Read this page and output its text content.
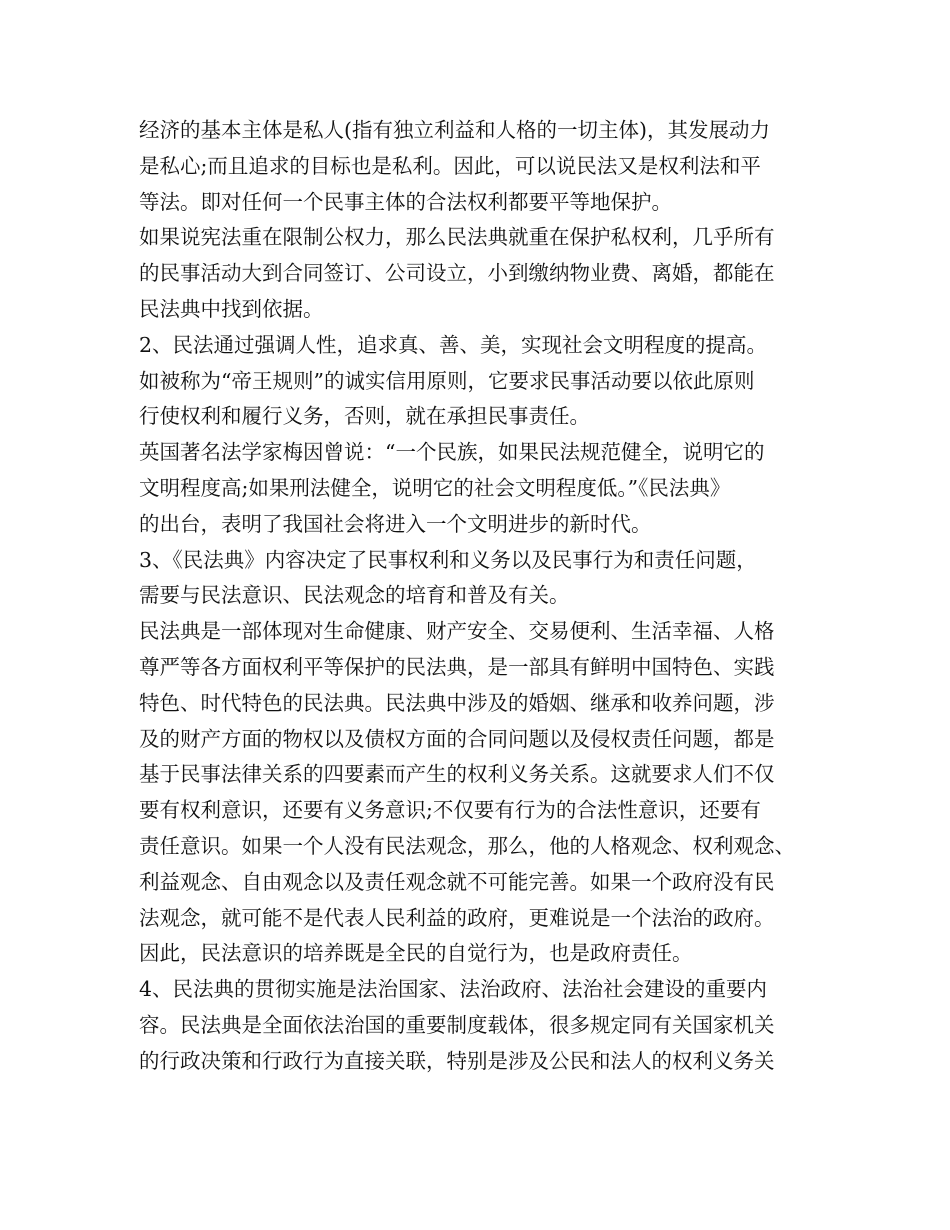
经济的基本主体是私人(指有独立利益和人格的一切主体)，其发展动力
是私心;而且追求的目标也是私利。因此，可以说民法又是权利法和平
等法。即对任何一个民事主体的合法权利都要平等地保护。
如果说宪法重在限制公权力，那么民法典就重在保护私权利，几乎所有
的民事活动大到合同签订、公司设立，小到缴纳物业费、离婚，都能在
民法典中找到依据。
2、民法通过强调人性，追求真、善、美，实现社会文明程度的提高。
如被称为“帝王规则”的诚实信用原则，它要求民事活动要以依此原则
行使权利和履行义务，否则，就在承担民事责任。
英国著名法学家梅因曾说：“一个民族，如果民法规范健全，说明它的
文明程度高;如果刑法健全，说明它的社会文明程度低。”《民法典》
的出台，表明了我国社会将进入一个文明进步的新时代。
3、《民法典》内容决定了民事权利和义务以及民事行为和责任问题，
需要与民法意识、民法观念的培育和普及有关。
民法典是一部体现对生命健康、财产安全、交易便利、生活幸福、人格
尊严等各方面权利平等保护的民法典，是一部具有鲜明中国特色、实践
特色、时代特色的民法典。民法典中涉及的婚姻、继承和收养问题，涉
及的财产方面的物权以及债权方面的合同问题以及侵权责任问题，都是
基于民事法律关系的四要素而产生的权利义务关系。这就要求人们不仅
要有权利意识，还要有义务意识;不仅要有行为的合法性意识，还要有
责任意识。如果一个人没有民法观念，那么，他的人格观念、权利观念、
利益观念、自由观念以及责任观念就不可能完善。如果一个政府没有民
法观念，就可能不是代表人民利益的政府，更难说是一个法治的政府。
因此，民法意识的培养既是全民的自觉行为，也是政府责任。
4、民法典的贯彻实施是法治国家、法治政府、法治社会建设的重要内
容。民法典是全面依法治国的重要制度载体，很多规定同有关国家机关
的行政决策和行政行为直接关联，特别是涉及公民和法人的权利义务关
